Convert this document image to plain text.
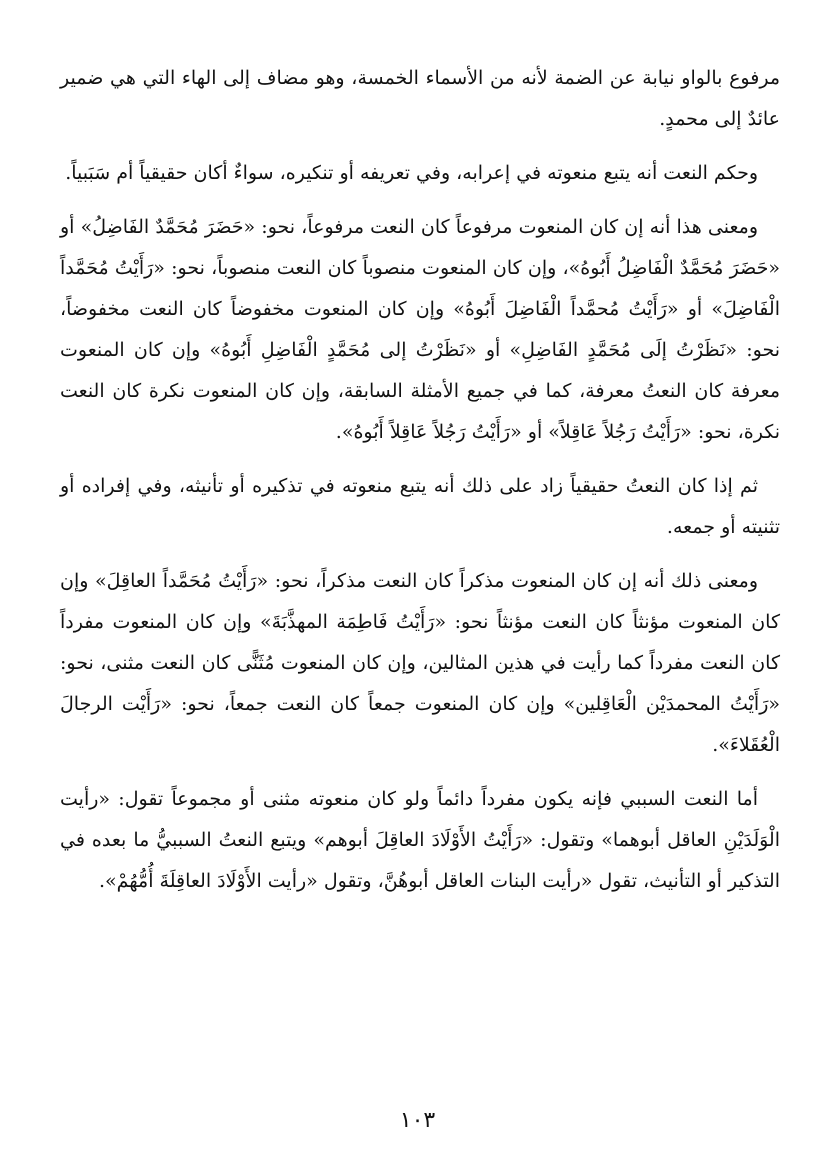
مرفوع بالواو نيابة عن الضمة لأنه من الأسماء الخمسة، وهو مضاف إلى الهاء التي هي ضمير عائدٌ إلى محمدٍ.

وحكم النعت أنه يتبع منعوته في إعرابه، وفي تعريفه أو تنكيره، سواءٌ أكان حقيقياً أم سَبَبياً.

ومعنى هذا أنه إن كان المنعوت مرفوعاً كان النعت مرفوعاً، نحو: «حَضَرَ مُحَمَّدٌ الفَاضِلُ» أو «حَضَرَ مُحَمَّدٌ الْفَاضِلُ أَبُوهُ»، وإن كان المنعوت منصوباً كان النعت منصوباً، نحو: «رَأَيْتُ مُحَمَّداً الْفَاضِلَ» أو «رَأَيْتُ مُحمَّداً الْفَاضِلَ أَبُوهُ» وإن كان المنعوت مخفوضاً كان النعت مخفوضاً، نحو: «نَظَرْتُ إلَى مُحَمَّدٍ الفَاضِلِ» أو «نَظَرْتُ إلى مُحَمَّدٍ الْفَاضِلِ أَبُوهُ» وإن كان المنعوت معرفة كان النعتُ معرفة، كما في جميع الأمثلة السابقة، وإن كان المنعوت نكرة كان النعت نكرة، نحو: «رَأَيْتُ رَجُلاً عَاقِلاً» أو «رَأَيْتُ رَجُلاً عَاقِلاً أَبُوهُ».

ثم إذا كان النعتُ حقيقياً زاد على ذلك أنه يتبع منعوته في تذكيره أو تأنيثه، وفي إفراده أو تثنيته أو جمعه.

ومعنى ذلك أنه إن كان المنعوت مذكراً كان النعت مذكراً، نحو: «رَأَيْتُ مُحَمَّداً العاقِلَ» وإن كان المنعوت مؤنثاً كان النعت مؤنثاً نحو: «رَأَيْتُ فَاطِمَة المهذَّبَةَ» وإن كان المنعوت مفرداً كان النعت مفرداً كما رأيت في هذين المثالين، وإن كان المنعوت مُثَنًّى كان النعت مثنى، نحو: «رَأَيْتُ المحمدَيْن الْعَاقِلين» وإن كان المنعوت جمعاً كان النعت جمعاً، نحو: «رَأَيْت الرجالَ الْعُقَلاءَ».

أما النعت السببي فإنه يكون مفرداً دائماً ولو كان منعوته مثنى أو مجموعاً تقول: «رأيت الْوَلَدَيْنِ العاقل أبوهما» وتقول: «رَأَيْتُ الأَوْلَادَ العاقِلَ أبوهم» ويتبع النعتُ السببيُّ ما بعده في التذكير أو التأنيث، تقول «رأيت البنات العاقل أبوهُنَّ، وتقول «رأيت الأَوْلَادَ العاقِلَةَ أُمُّهُمْ».

١٠٣
